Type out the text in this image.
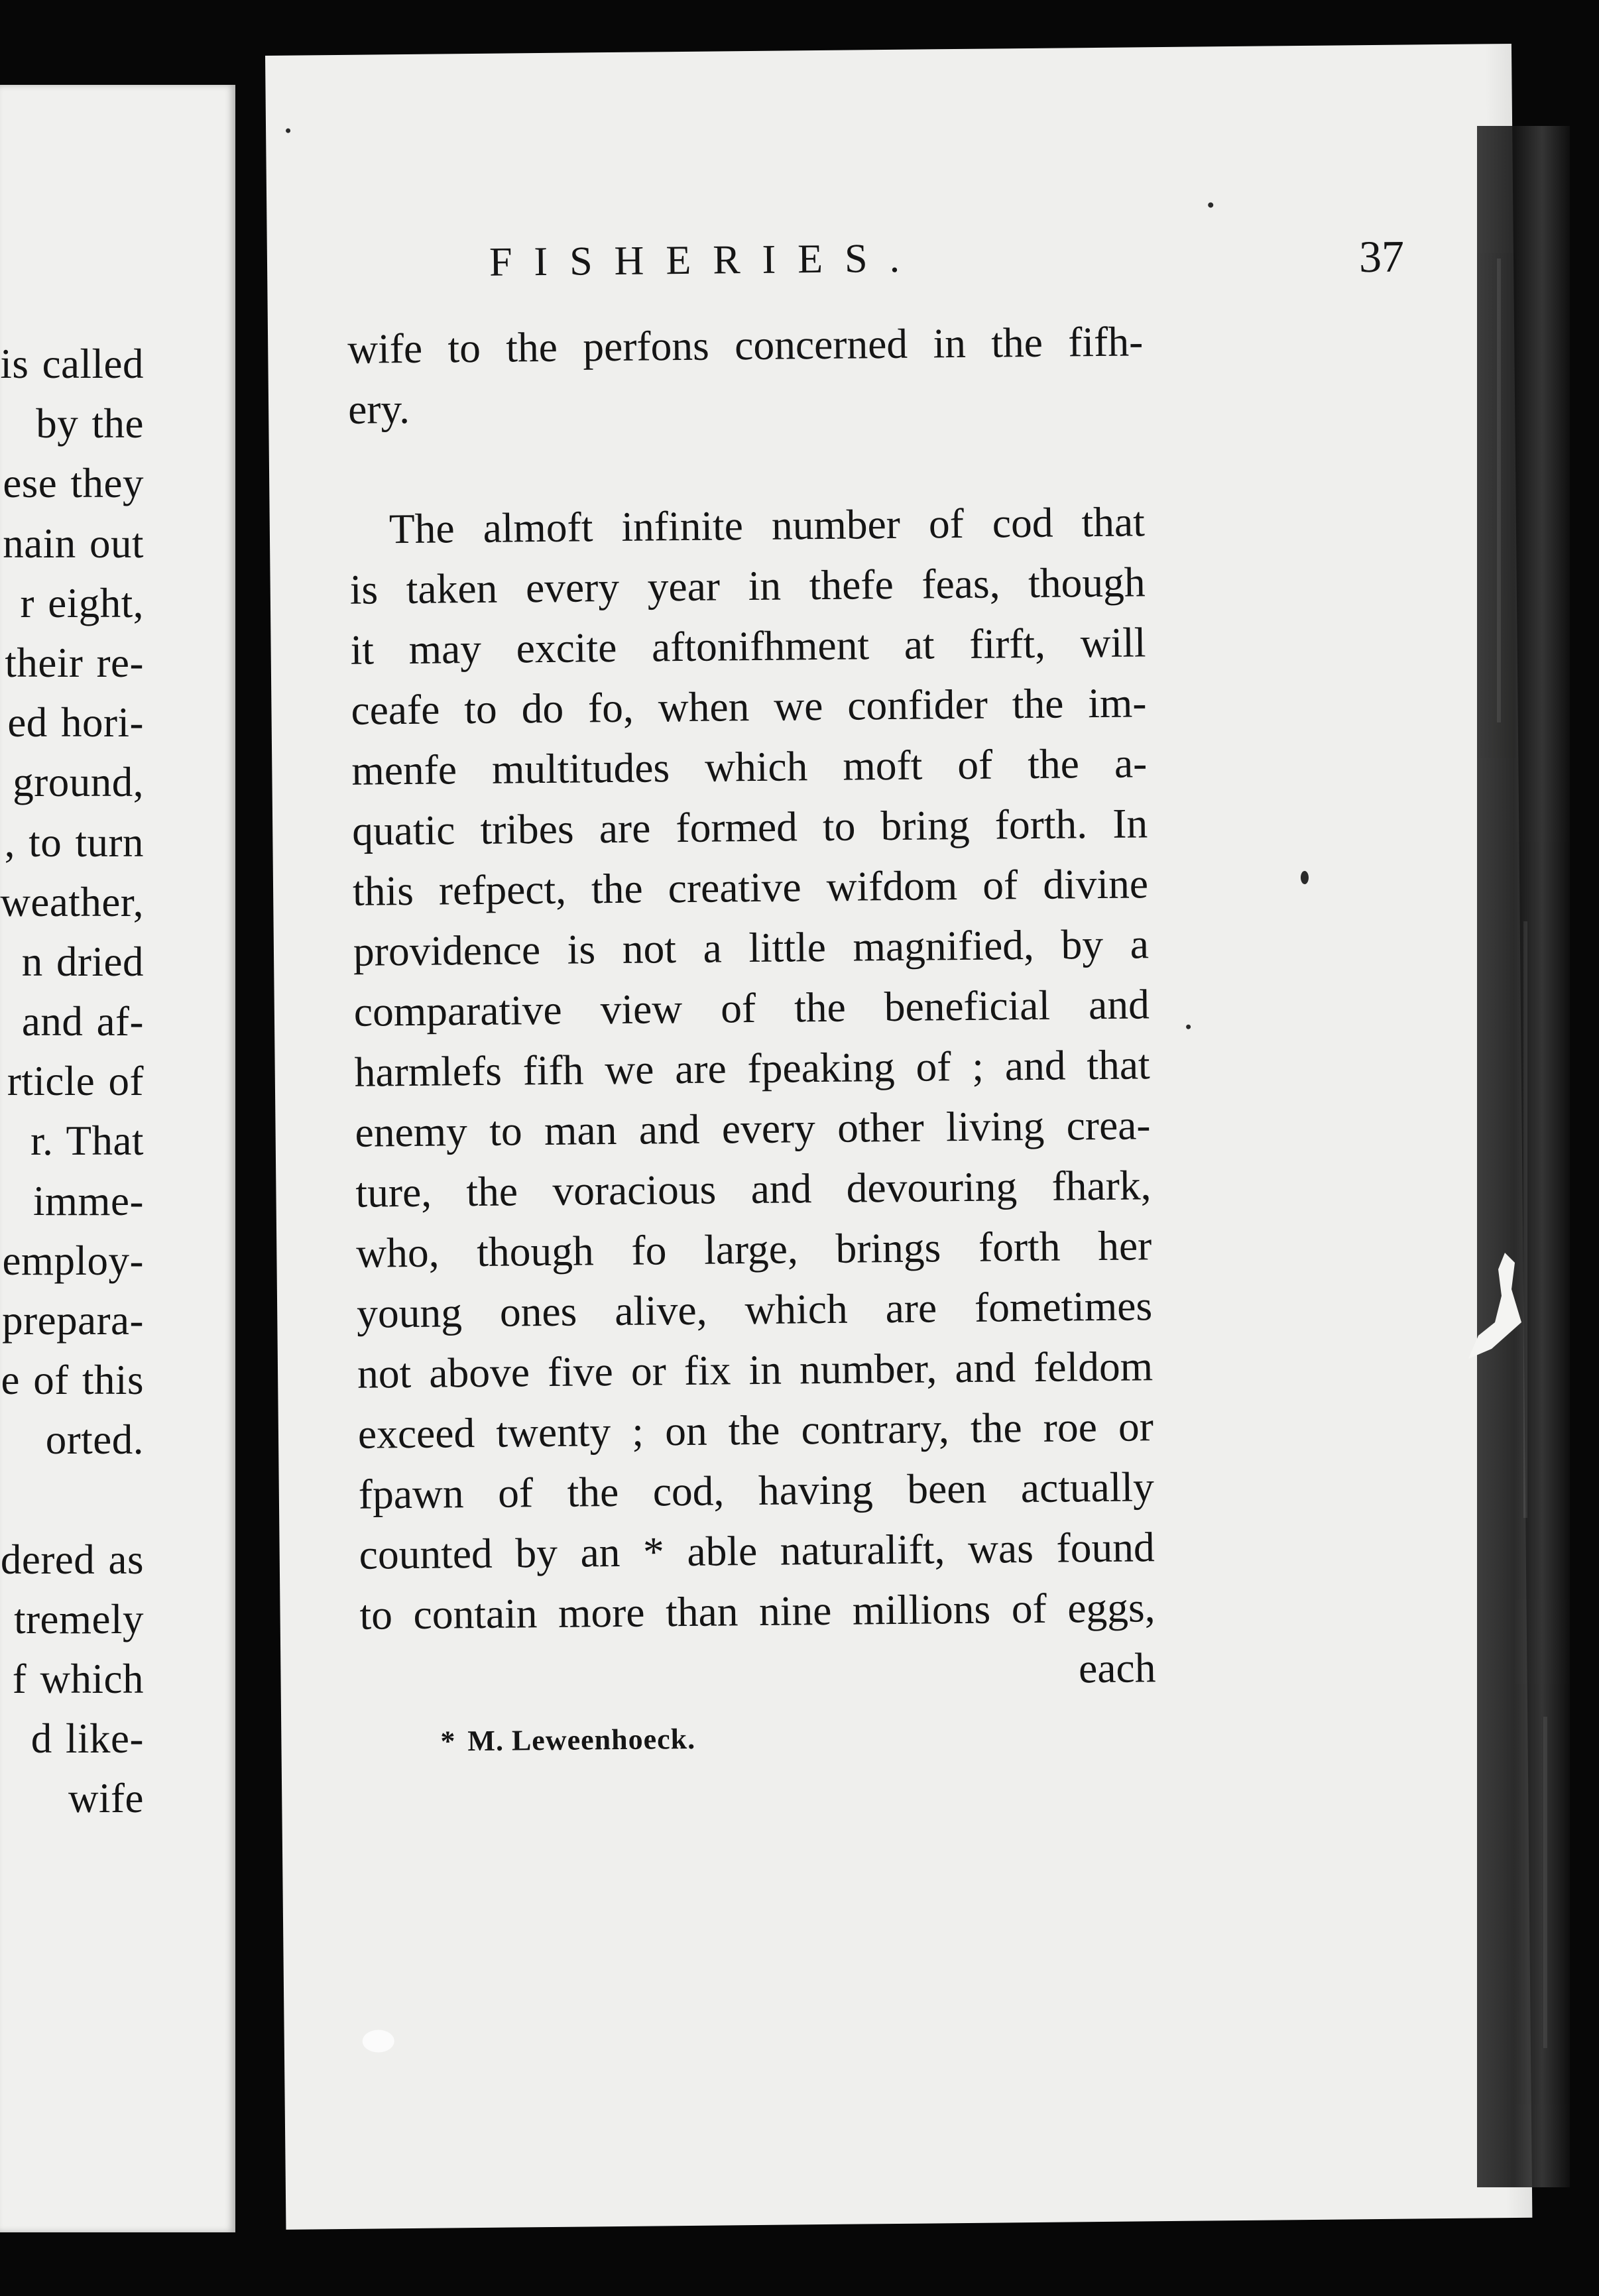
is called
by the
ese they
nain out
r eight,
their re-
ed hori-
ground,
, to turn
weather,
n dried
and af-
rticle of
r. That
imme-
employ-
prepara-
e of this
orted.
dered as
tremely
f which
d like-
wife
FISHERIES.	37
wife to the perfons concerned in the fifh-
ery.
The almoft infinite number of cod that
is taken every year in thefe feas, though
it may excite aftonifhment at firft, will
ceafe to do fo, when we confider the im-
menfe multitudes which moft of the a-
quatic tribes are formed to bring forth. In
this refpect, the creative wifdom of divine
providence is not a little magnified, by a
comparative view of the beneficial and
harmlefs fifh we are fpeaking of ; and that
enemy to man and every other living crea-
ture, the voracious and devouring fhark,
who, though fo large, brings forth her
young ones alive, which are fometimes
not above five or fix in number, and feldom
exceed twenty ; on the contrary, the roe or
fpawn of the cod, having been actually
counted by an * able naturalift, was found
to contain more than nine millions of eggs,
each
* M. Leweenhoeck.
